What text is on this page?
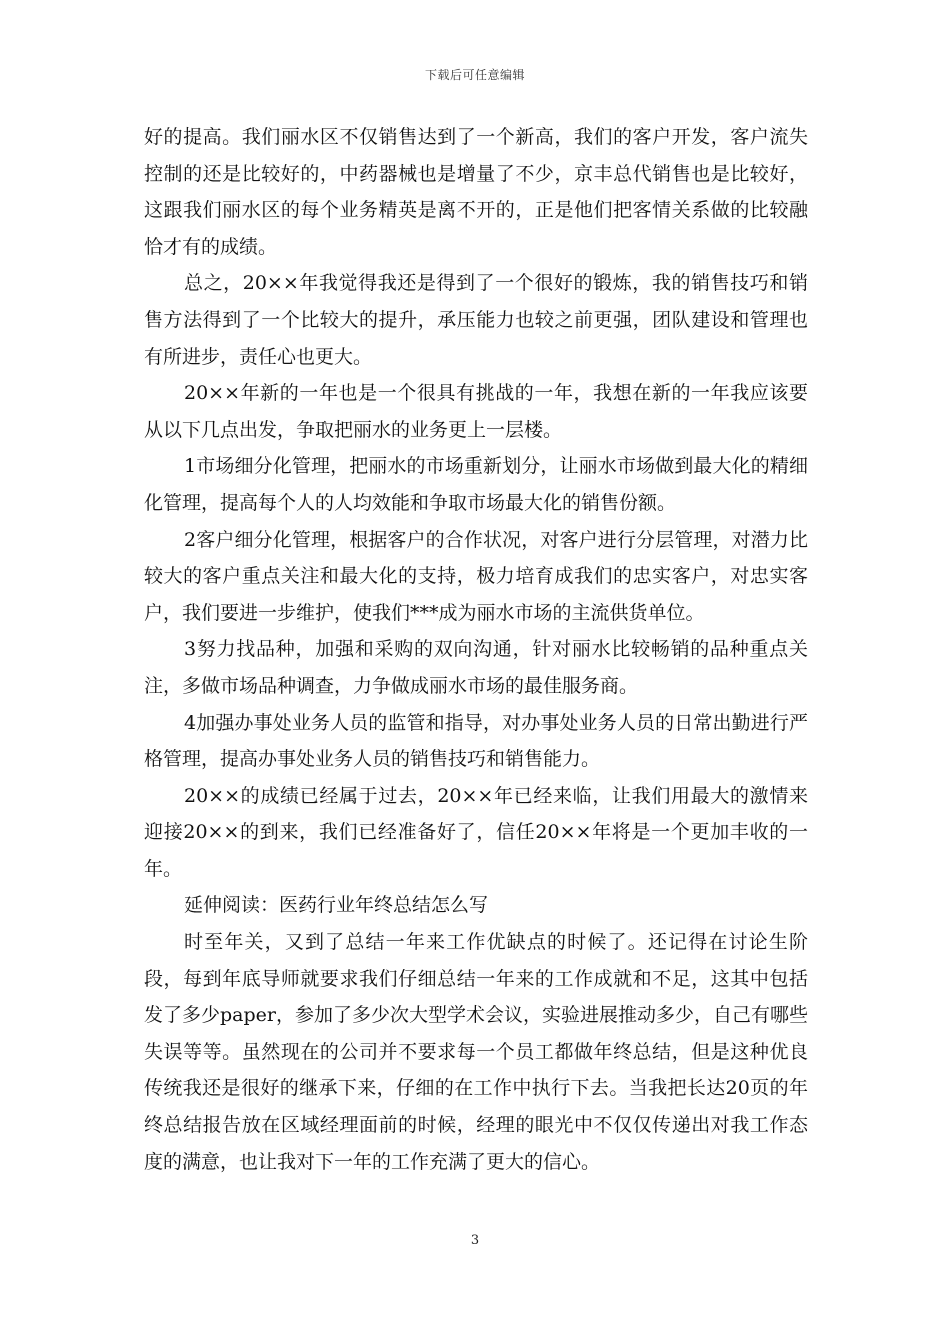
下载后可任意编辑

好的提高。我们丽水区不仅销售达到了一个新高，我们的客户开发，客户流失控制的还是比较好的，中药器械也是增量了不少，京丰总代销售也是比较好，这跟我们丽水区的每个业务精英是离不开的，正是他们把客情关系做的比较融恰才有的成绩。

总之，20××年我觉得我还是得到了一个很好的锻炼，我的销售技巧和销售方法得到了一个比较大的提升，承压能力也较之前更强，团队建设和管理也有所进步，责任心也更大。

20××年新的一年也是一个很具有挑战的一年，我想在新的一年我应该要从以下几点出发，争取把丽水的业务更上一层楼。

1市场细分化管理，把丽水的市场重新划分，让丽水市场做到最大化的精细化管理，提高每个人的人均效能和争取市场最大化的销售份额。

2客户细分化管理，根据客户的合作状况，对客户进行分层管理，对潜力比较大的客户重点关注和最大化的支持，极力培育成我们的忠实客户，对忠实客户，我们要进一步维护，使我们***成为丽水市场的主流供货单位。

3努力找品种，加强和采购的双向沟通，针对丽水比较畅销的品种重点关注，多做市场品种调查，力争做成丽水市场的最佳服务商。

4加强办事处业务人员的监管和指导，对办事处业务人员的日常出勤进行严格管理，提高办事处业务人员的销售技巧和销售能力。

20××的成绩已经属于过去，20××年已经来临，让我们用最大的激情来迎接20××的到来，我们已经准备好了，信任20××年将是一个更加丰收的一年。

延伸阅读：医药行业年终总结怎么写

时至年关，又到了总结一年来工作优缺点的时候了。还记得在讨论生阶段，每到年底导师就要求我们仔细总结一年来的工作成就和不足，这其中包括发了多少paper，参加了多少次大型学术会议，实验进展推动多少，自己有哪些失误等等。虽然现在的公司并不要求每一个员工都做年终总结，但是这种优良传统我还是很好的继承下来，仔细的在工作中执行下去。当我把长达20页的年终总结报告放在区域经理面前的时候，经理的眼光中不仅仅传递出对我工作态度的满意，也让我对下一年的工作充满了更大的信心。

3
